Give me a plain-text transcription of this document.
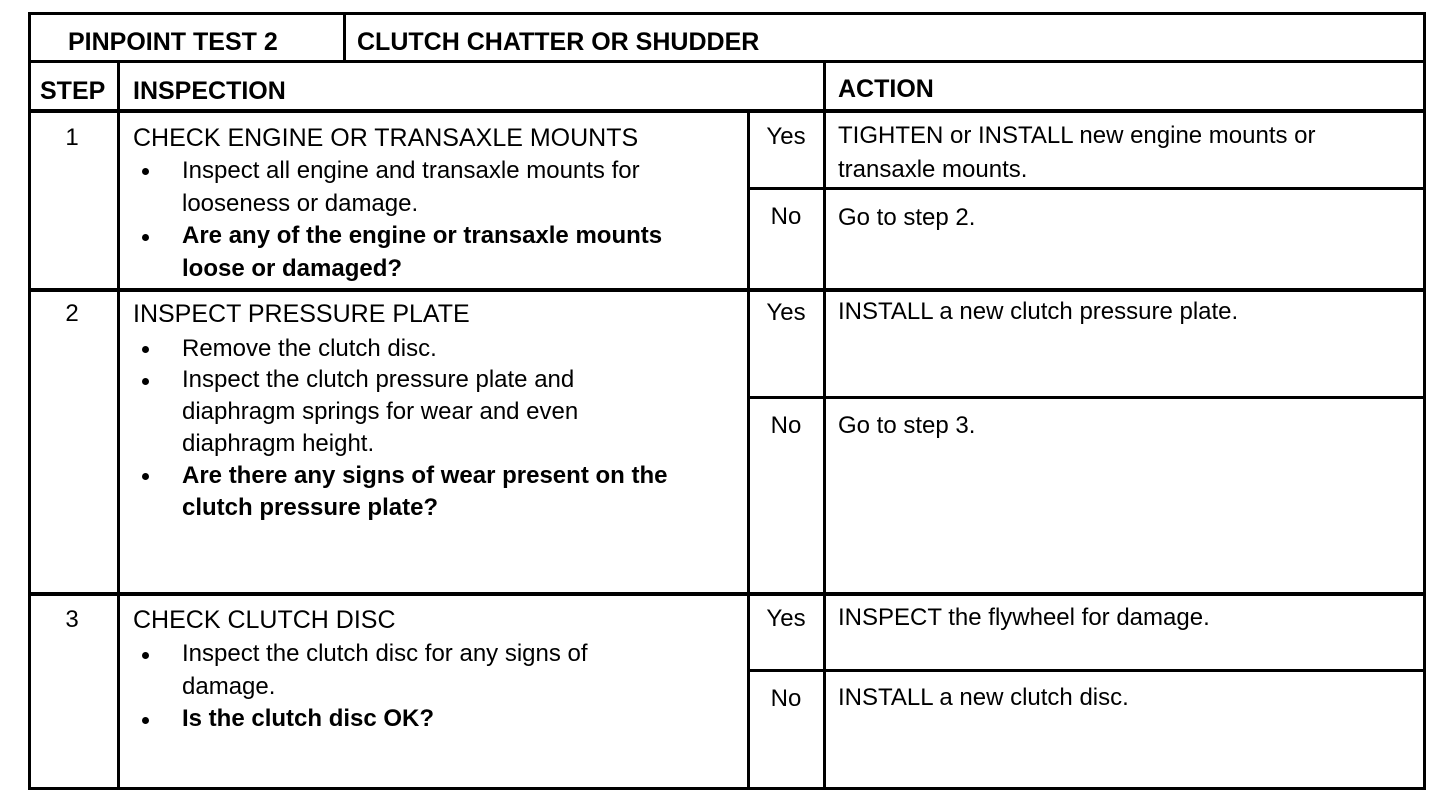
PINPOINT TEST 2	CLUTCH CHATTER OR SHUDDER
STEP INSPECTION	ACTION
1	CHECK ENGINE OR TRANSAXLE MOUNTS
Inspect all engine and transaxle mounts for
looseness or damage.
Are any of the engine or transaxle mounts
loose or damaged?
Yes	TIGHTEN or INSTALL new engine mounts or
transaxle mounts.
No	Go to step 2.
2	INSPECT PRESSURE PLATE
Remove the clutch disc.
Inspect the clutch pressure plate and
diaphragm springs for wear and even
diaphragm height.
Are there any signs of wear present on the
clutch pressure plate?
Yes	INSTALL a new clutch pressure plate.
No	Go to step 3.
3	CHECK CLUTCH DISC
Inspect the clutch disc for any signs of
damage.
Is the clutch disc OK?
Yes	INSPECT the flywheel for damage.
No	INSTALL a new clutch disc.
